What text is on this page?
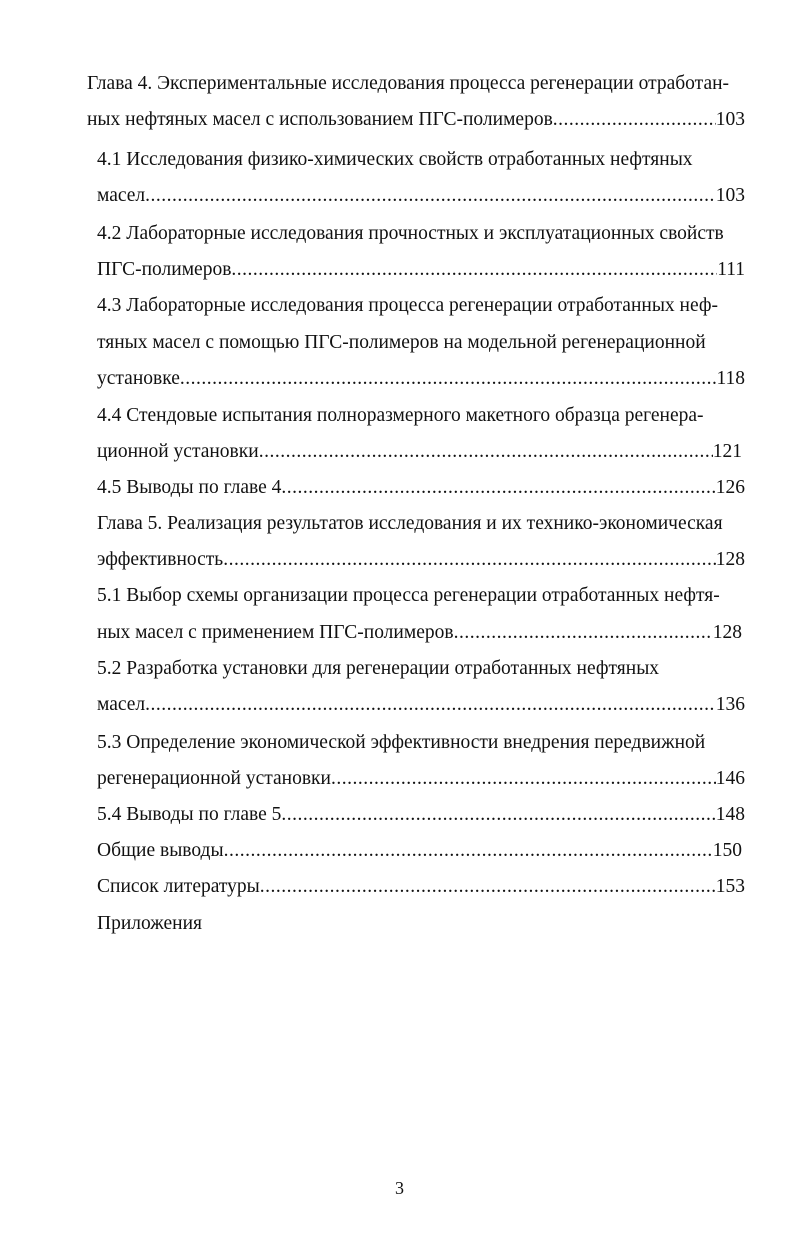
Глава 4. Экспериментальные исследования процесса регенерации отработан-
ных нефтяных масел с использованием ПГС-полимеров .....	103
4.1 Исследования физико-химических свойств отработанных нефтяных
масел .....	103
4.2 Лабораторные исследования прочностных и эксплуатационных свойств
ПГС-полимеров .....	111
4.3 Лабораторные исследования процесса регенерации отработанных неф-
тяных масел с помощью ПГС-полимеров на модельной регенерационной
установке .....	118
4.4 Стендовые испытания полноразмерного макетного образца регенера-
ционной установки .....	121
4.5 Выводы по главе 4 .....	126
Глава 5. Реализация результатов исследования и их технико-экономическая
эффективность .....	128
5.1 Выбор схемы организации процесса регенерации отработанных нефтя-
ных масел с применением ПГС-полимеров .....	128
5.2 Разработка установки для регенерации отработанных нефтяных
масел .....	136
5.3 Определение экономической эффективности внедрения передвижной
регенерационной установки .....	146
5.4 Выводы по главе 5 .....	148
Общие выводы .....	150
Список литературы .....	153
Приложения
3
